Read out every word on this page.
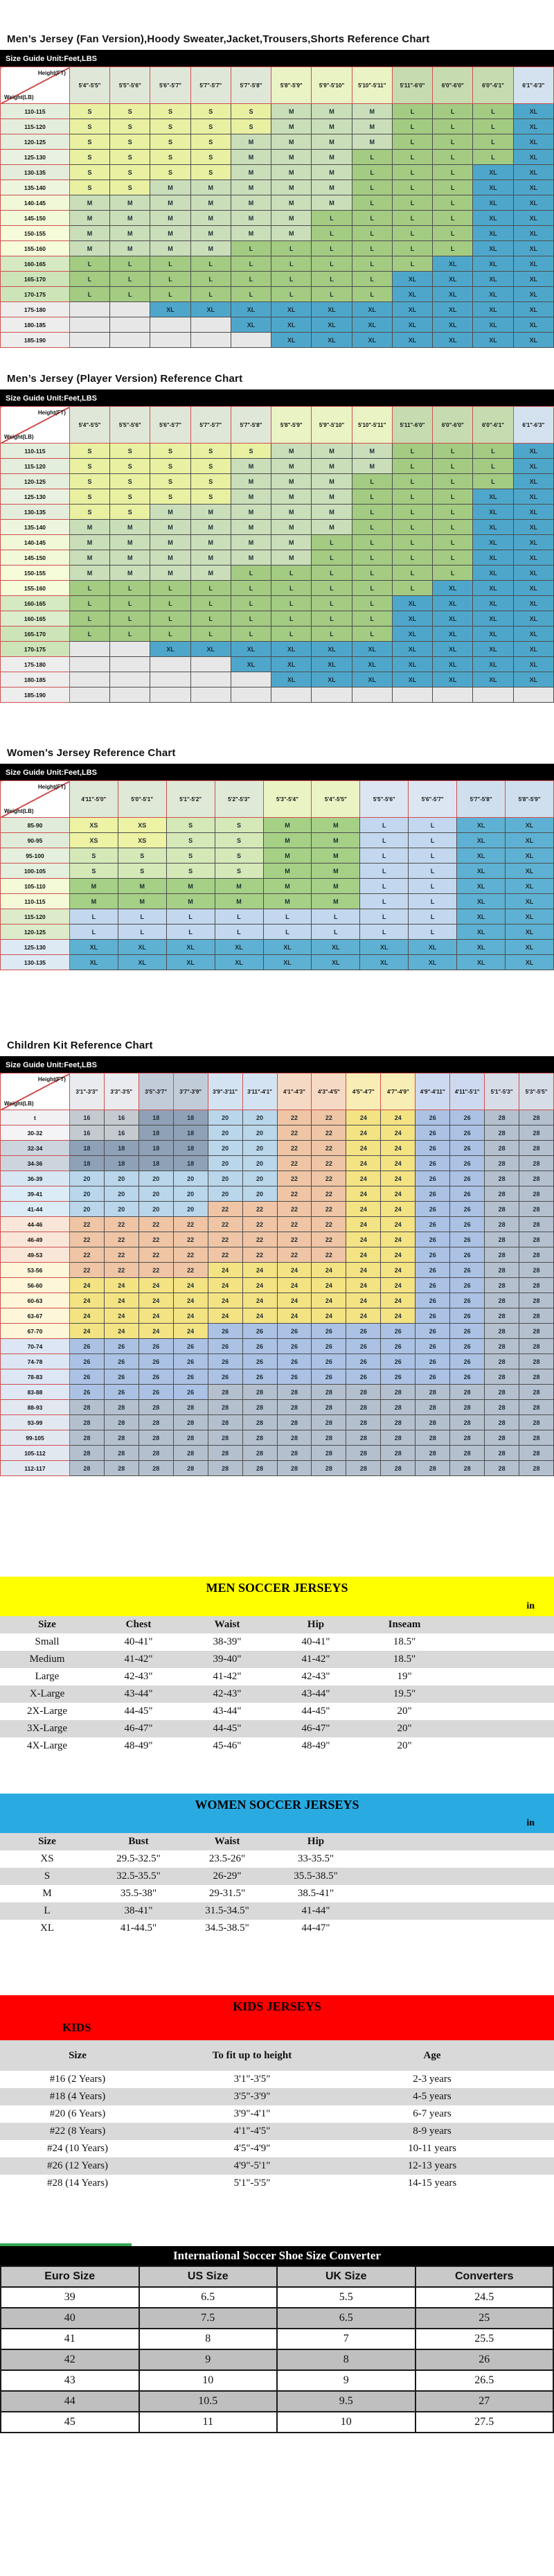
Men’s Jersey (Fan Version),Hoody Sweater,Jacket,Trousers,Shorts Reference Chart
Size Guide Unit:Feet,LBS
Height(FT)
Weight(LB)	5'4"-5'5"	5'5"-5'6"	5'6"-5'7"	5'7"-5'7"	5'7"-5'8"	5'8"-5'9"	5'9"-5'10"	5'10"-5'11"	5'11"-6'0"	6'0"-6'0"	6'0"-6'1"	6'1"-6'3"
110-115	S	S	S	S	S	M	M	M	L	L	L	XL
115-120	S	S	S	S	S	M	M	M	L	L	L	XL
120-125	S	S	S	S	M	M	M	M	L	L	L	XL
125-130	S	S	S	S	M	M	M	L	L	L	L	XL
130-135	S	S	S	S	M	M	M	L	L	L	XL	XL
135-140	S	S	M	M	M	M	M	L	L	L	XL	XL
140-145	M	M	M	M	M	M	M	L	L	L	XL	XL
145-150	M	M	M	M	M	M	L	L	L	L	XL	XL
150-155	M	M	M	M	M	M	L	L	L	L	XL	XL
155-160	M	M	M	M	L	L	L	L	L	L	XL	XL
160-165	L	L	L	L	L	L	L	L	L	XL	XL	XL
165-170	L	L	L	L	L	L	L	L	XL	XL	XL	XL
170-175	L	L	L	L	L	L	L	L	XL	XL	XL	XL
175-180			XL	XL	XL	XL	XL	XL	XL	XL	XL	XL
180-185					XL	XL	XL	XL	XL	XL	XL	XL
185-190						XL	XL	XL	XL	XL	XL	XL
Men’s Jersey (Player Version) Reference Chart
Size Guide Unit:Feet,LBS
Height(FT)
Weight(LB)	5'4"-5'5"	5'5"-5'6"	5'6"-5'7"	5'7"-5'7"	5'7"-5'8"	5'8"-5'9"	5'9"-5'10"	5'10"-5'11"	5'11"-6'0"	6'0"-6'0"	6'0"-6'1"	6'1"-6'3"
110-115	S	S	S	S	S	M	M	M	L	L	L	XL
115-120	S	S	S	S	M	M	M	M	L	L	L	XL
120-125	S	S	S	S	M	M	M	L	L	L	L	XL
125-130	S	S	S	S	M	M	M	L	L	L	XL	XL
130-135	S	S	M	M	M	M	M	L	L	L	XL	XL
135-140	M	M	M	M	M	M	M	L	L	L	XL	XL
140-145	M	M	M	M	M	M	L	L	L	L	XL	XL
145-150	M	M	M	M	M	M	L	L	L	L	XL	XL
150-155	M	M	M	M	L	L	L	L	L	L	XL	XL
155-160	L	L	L	L	L	L	L	L	L	XL	XL	XL
160-165	L	L	L	L	L	L	L	L	XL	XL	XL	XL
160-165	L	L	L	L	L	L	L	L	XL	XL	XL	XL
165-170	L	L	L	L	L	L	L	L	XL	XL	XL	XL
170-175			XL	XL	XL	XL	XL	XL	XL	XL	XL	XL
175-180					XL	XL	XL	XL	XL	XL	XL	XL
180-185						XL	XL	XL	XL	XL	XL	XL
185-190												
Women’s Jersey Reference Chart
Size Guide Unit:Feet,LBS
Height(FT)
Weight(LB)	4'11"-5'0"	5'0"-5'1"	5'1"-5'2"	5'2"-5'3"	5'3"-5'4"	5'4"-5'5"	5'5"-5'6"	5'6"-5'7"	5'7"-5'8"	5'8"-5'9"
85-90	XS	XS	S	S	M	M	L	L	XL	XL
90-95	XS	XS	S	S	M	M	L	L	XL	XL
95-100	S	S	S	S	M	M	L	L	XL	XL
100-105	S	S	S	S	M	M	L	L	XL	XL
105-110	M	M	M	M	M	M	L	L	XL	XL
110-115	M	M	M	M	M	M	L	L	XL	XL
115-120	L	L	L	L	L	L	L	L	XL	XL
120-125	L	L	L	L	L	L	L	L	XL	XL
125-130	XL	XL	XL	XL	XL	XL	XL	XL	XL	XL
130-135	XL	XL	XL	XL	XL	XL	XL	XL	XL	XL
Children Kit Reference Chart
Size Guide Unit:Feet,LBS
Height(FT)
Weight(LB)	3'1"-3'3"	3'3"-3'5"	3'5"-3'7"	3'7"-3'9"	3'9"-3'11"	3'11"-4'1"	4'1"-4'3"	4'3"-4'5"	4'5"-4'7"	4'7"-4'9"	4'9"-4'11"	4'11"-5'1"	5'1"-5'3"	5'3"-5'5"
t	16	16	18	18	20	20	22	22	24	24	26	26	28	28
30-32	16	16	18	18	20	20	22	22	24	24	26	26	28	28
32-34	18	18	18	18	20	20	22	22	24	24	26	26	28	28
34-36	18	18	18	18	20	20	22	22	24	24	26	26	28	28
36-39	20	20	20	20	20	20	22	22	24	24	26	26	28	28
39-41	20	20	20	20	20	20	22	22	24	24	26	26	28	28
41-44	20	20	20	20	22	22	22	22	24	24	26	26	28	28
44-46	22	22	22	22	22	22	22	22	24	24	26	26	28	28
46-49	22	22	22	22	22	22	22	22	24	24	26	26	28	28
49-53	22	22	22	22	22	22	22	22	24	24	26	26	28	28
53-56	22	22	22	22	24	24	24	24	24	24	26	26	28	28
56-60	24	24	24	24	24	24	24	24	24	24	26	26	28	28
60-63	24	24	24	24	24	24	24	24	24	24	26	26	28	28
63-67	24	24	24	24	24	24	24	24	24	24	26	26	28	28
67-70	24	24	24	24	26	26	26	26	26	26	26	26	28	28
70-74	26	26	26	26	26	26	26	26	26	26	26	26	28	28
74-78	26	26	26	26	26	26	26	26	26	26	26	26	28	28
78-83	26	26	26	26	26	26	26	26	26	26	26	26	28	28
83-88	26	26	26	26	28	28	28	28	28	28	28	28	28	28
88-93	28	28	28	28	28	28	28	28	28	28	28	28	28	28
93-99	28	28	28	28	28	28	28	28	28	28	28	28	28	28
99-105	28	28	28	28	28	28	28	28	28	28	28	28	28	28
105-112	28	28	28	28	28	28	28	28	28	28	28	28	28	28
112-117	28	28	28	28	28	28	28	28	28	28	28	28	28	28
MEN SOCCER JERSEYS
in
Size	Chest	Waist	Hip	Inseam	
Small	40-41"	38-39"	40-41"	18.5"	
Medium	41-42"	39-40"	41-42"	18.5"	
Large	42-43"	41-42"	42-43"	19"	
X-Large	43-44"	42-43"	43-44"	19.5"	
2X-Large	44-45"	43-44"	44-45"	20"	
3X-Large	46-47"	44-45"	46-47"	20"	
4X-Large	48-49"	45-46"	48-49"	20"	
WOMEN SOCCER JERSEYS
in
Size	Bust	Waist	Hip	
XS	29.5-32.5"	23.5-26"	33-35.5"	
S	32.5-35.5"	26-29"	35.5-38.5"	
M	35.5-38"	29-31.5"	38.5-41"	
L	38-41"	31.5-34.5"	41-44"	
XL	41-44.5"	34.5-38.5"	44-47"	
KIDS JERSEYS
KIDS
Size	To fit up to height	Age	
#16 (2 Years)	3'1"-3'5"	2-3 years	
#18 (4 Years)	3'5"-3'9"	4-5 years	
#20 (6 Years)	3'9"-4'1"	6-7 years	
#22 (8 Years)	4'1"-4'5"	8-9 years	
#24 (10 Years)	4'5"-4'9"	10-11 years	
#26 (12 Years)	4'9"-5'1"	12-13 years	
#28 (14 Years)	5'1"-5'5"	14-15 years	
International Soccer Shoe Size Converter
Euro Size	US Size	UK Size	Converters
39	6.5	5.5	24.5
40	7.5	6.5	25
41	8	7	25.5
42	9	8	26
43	10	9	26.5
44	10.5	9.5	27
45	11	10	27.5
